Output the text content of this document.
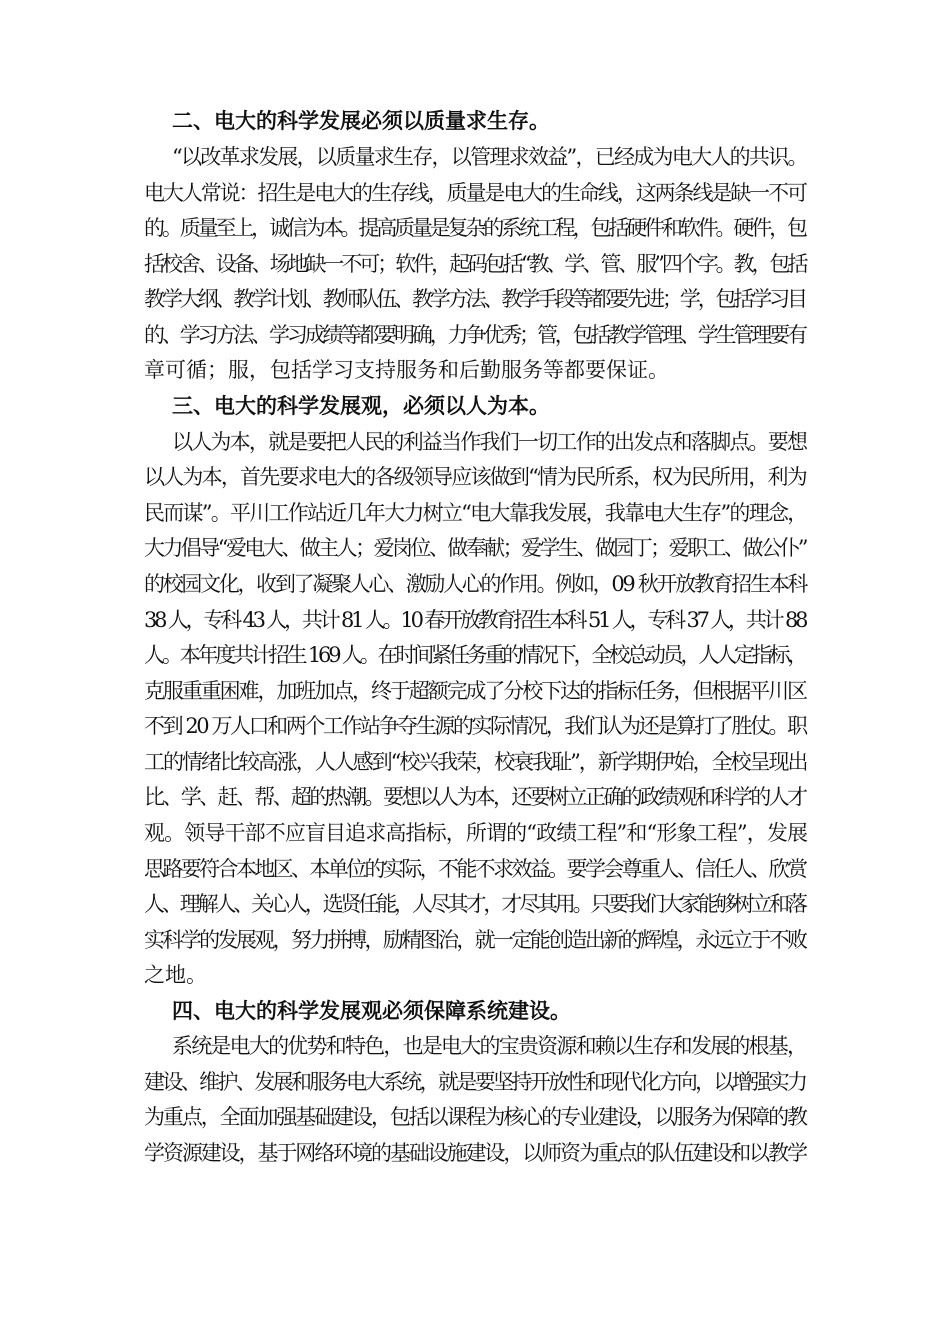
二、电大的科学发展必须以质量求生存。
“以改革求发展，以质量求生存，以管理求效益”，已经成为电大人的共识。
电大人常说：招生是电大的生存线，质量是电大的生命线，这两条线是缺一不可
的。质量至上，诚信为本。提高质量是复杂的系统工程，包括硬件和软件。硬件，包
括校舍、设备、场地缺一不可；软件，起码包括“教、学、管、服”四个字。教，包括
教学大纲、教学计划、教师队伍、教学方法、教学手段等都要先进；学，包括学习目
的、学习方法、学习成绩等都要明确，力争优秀；管，包括教学管理、学生管理要有
章可循；服，包括学习支持服务和后勤服务等都要保证。
三、电大的科学发展观，必须以人为本。
以人为本，就是要把人民的利益当作我们一切工作的出发点和落脚点。要想
以人为本，首先要求电大的各级领导应该做到“情为民所系，权为民所用，利为
民而谋”。平川工作站近几年大力树立“电大靠我发展，我靠电大生存”的理念，
大力倡导“爱电大、做主人；爱岗位、做奉献；爱学生、做园丁；爱职工、做公仆”
的校园文化，收到了凝聚人心、激励人心的作用。例如，09 秋开放教育招生本科
38 人，专科 43 人，共计 81 人。10 春开放教育招生本科 51 人，专科 37 人，共计 88
人。本年度共计招生 169 人。在时间紧任务重的情况下，全校总动员，人人定指标，
克服重重困难，加班加点，终于超额完成了分校下达的指标任务，但根据平川区
不到 20 万人口和两个工作站争夺生源的实际情况，我们认为还是算打了胜仗。职
工的情绪比较高涨，人人感到“校兴我荣，校衰我耻”，新学期伊始，全校呈现出
比、学、赶、帮、超的热潮。要想以人为本，还要树立正确的政绩观和科学的人才
观。领导干部不应盲目追求高指标，所谓的“政绩工程”和“形象工程”，发展
思路要符合本地区、本单位的实际，不能不求效益。要学会尊重人、信任人、欣赏
人、理解人、关心人，选贤任能，人尽其才，才尽其用。只要我们大家能够树立和落
实科学的发展观，努力拼搏，励精图治，就一定能创造出新的辉煌，永远立于不败
之地。
四、电大的科学发展观必须保障系统建设。
系统是电大的优势和特色，也是电大的宝贵资源和赖以生存和发展的根基，
建设、维护、发展和服务电大系统，就是要坚持开放性和现代化方向，以增强实力
为重点，全面加强基础建设，包括以课程为核心的专业建设，以服务为保障的教
学资源建设，基于网络环境的基础设施建设，以师资为重点的队伍建设和以教学
